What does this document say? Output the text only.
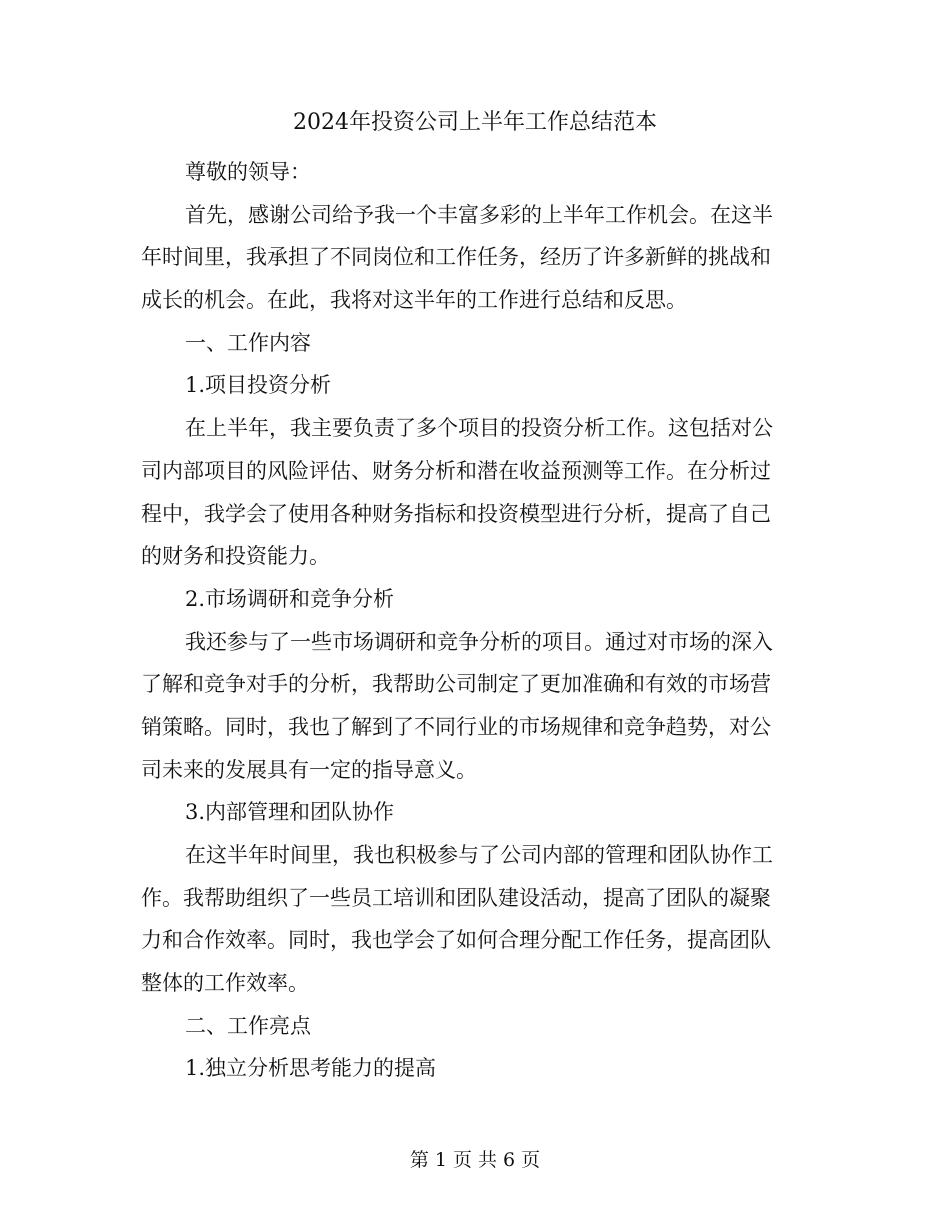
2024年投资公司上半年工作总结范本
尊敬的领导：
首先，感谢公司给予我一个丰富多彩的上半年工作机会。在这半
年时间里，我承担了不同岗位和工作任务，经历了许多新鲜的挑战和
成长的机会。在此，我将对这半年的工作进行总结和反思。
一、工作内容
1.项目投资分析
在上半年，我主要负责了多个项目的投资分析工作。这包括对公
司内部项目的风险评估、财务分析和潜在收益预测等工作。在分析过
程中，我学会了使用各种财务指标和投资模型进行分析，提高了自己
的财务和投资能力。
2.市场调研和竞争分析
我还参与了一些市场调研和竞争分析的项目。通过对市场的深入
了解和竞争对手的分析，我帮助公司制定了更加准确和有效的市场营
销策略。同时，我也了解到了不同行业的市场规律和竞争趋势，对公
司未来的发展具有一定的指导意义。
3.内部管理和团队协作
在这半年时间里，我也积极参与了公司内部的管理和团队协作工
作。我帮助组织了一些员工培训和团队建设活动，提高了团队的凝聚
力和合作效率。同时，我也学会了如何合理分配工作任务，提高团队
整体的工作效率。
二、工作亮点
1.独立分析思考能力的提高
第 1 页 共 6 页
